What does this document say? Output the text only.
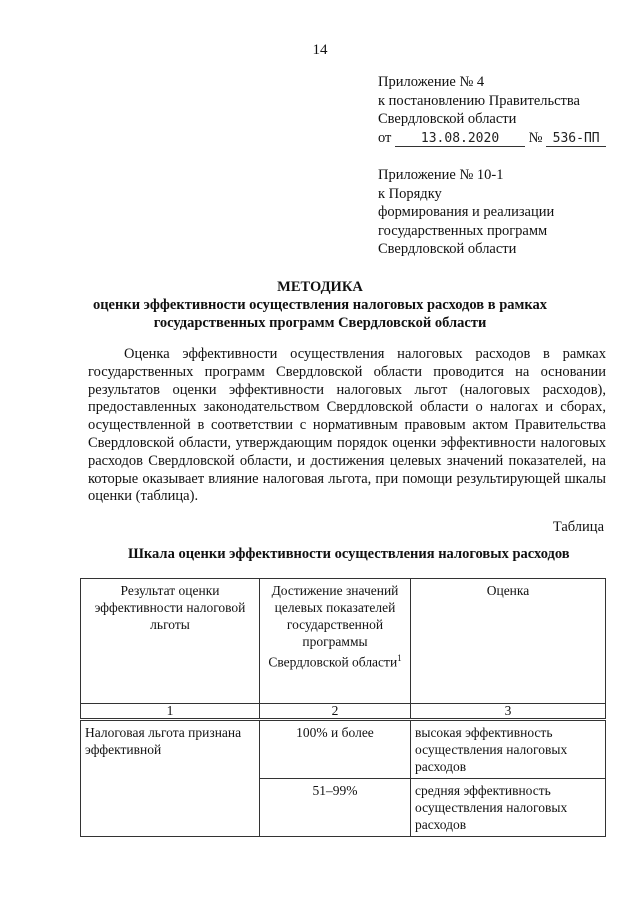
14
Приложение № 4
к постановлению Правительства
Свердловской области
от 13.08.2020 № 536-ПП
Приложение № 10-1
к Порядку
формирования и реализации
государственных программ
Свердловской области
МЕТОДИКА
оценки эффективности осуществления налоговых расходов в рамках
государственных программ Свердловской области
Оценка эффективности осуществления налоговых расходов в рамках государственных программ Свердловской области проводится на основании результатов оценки эффективности налоговых льгот (налоговых расходов), предоставленных законодательством Свердловской области о налогах и сборах, осуществленной в соответствии с нормативным правовым актом Правительства Свердловской области, утверждающим порядок оценки эффективности налоговых расходов Свердловской области, и достижения целевых значений показателей, на которые оказывает влияние налоговая льгота, при помощи результирующей шкалы оценки (таблица).
Таблица
Шкала оценки эффективности осуществления налоговых расходов
Результат оценки эффективности налоговой льготы	Достижение значений целевых показателей государственной программы Свердловской области$^1$	Оценка
1	2	3
Налоговая льгота признана эффективной	100% и более	высокая эффективность осуществления налоговых расходов
	51–99%	средняя эффективность осуществления налоговых расходов
